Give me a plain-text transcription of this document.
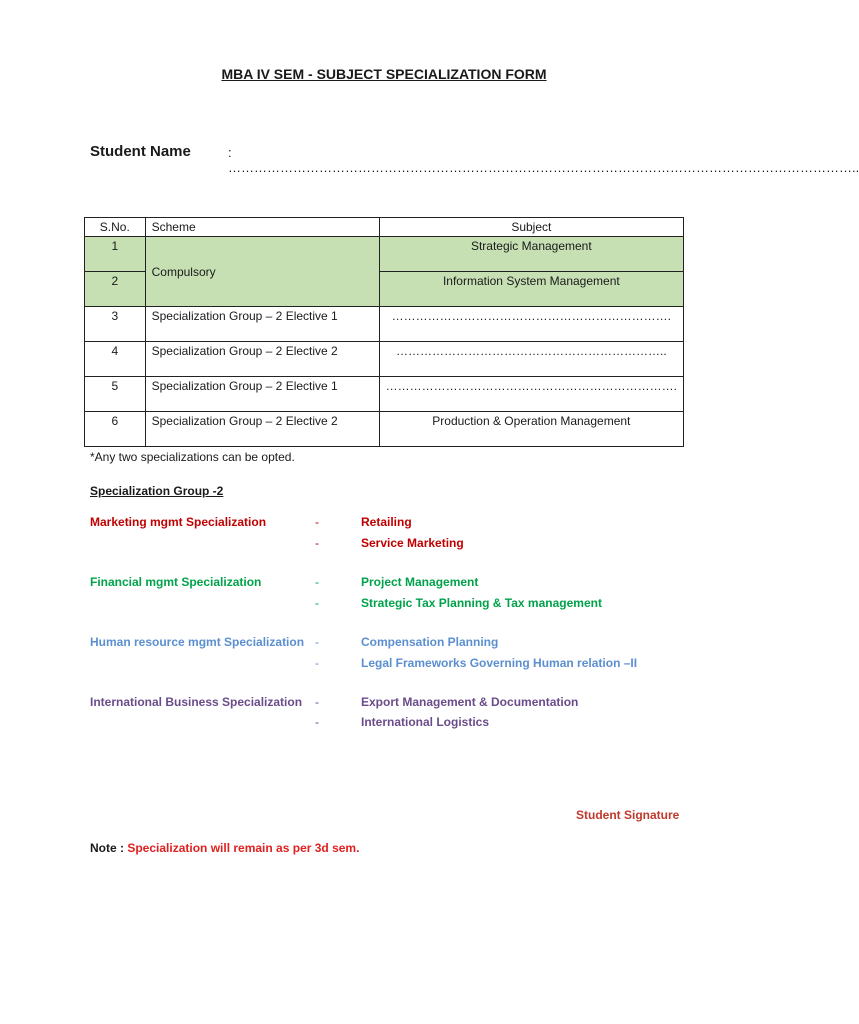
MBA IV SEM - SUBJECT SPECIALIZATION FORM
Student Name	: ………………………………………………………………………………………………………………………………..
S.No.	Scheme	Subject
1	Compulsory	Strategic Management
2		Information System Management
3	Specialization Group – 2 Elective 1	…………………………………………………………….
4	Specialization Group – 2 Elective 2	…………………………………………………………..
5	Specialization Group – 2 Elective 1	……………………………………………………………….
6	Specialization Group – 2 Elective 2	Production & Operation Management
*Any two specializations can be opted.
Specialization Group -2
Marketing mgmt Specialization	-	Retailing
-	Service Marketing
Financial mgmt Specialization	-	Project Management
-	Strategic Tax Planning & Tax management
Human resource mgmt Specialization -	Compensation Planning
-	Legal Frameworks Governing Human relation –II
International Business Specialization -	Export Management & Documentation
-	International Logistics
Student Signature
Note : Specialization will remain as per 3d sem.
